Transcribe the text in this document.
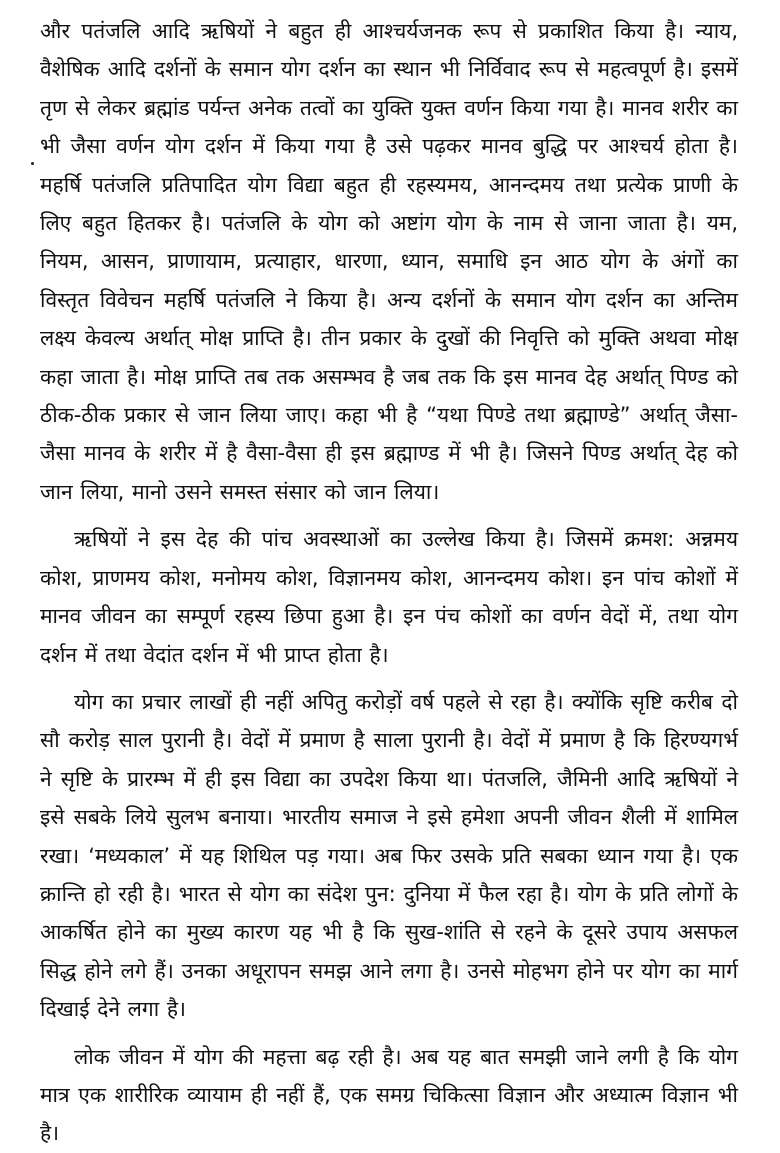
और पतंजलि आदि ऋषियों ने बहुत ही आश्चर्यजनक रूप से प्रकाशित किया है। न्याय, वैशेषिक आदि दर्शनों के समान योग दर्शन का स्थान भी निर्विवाद रूप से महत्वपूर्ण है। इसमें तृण से लेकर ब्रह्मांड पर्यन्त अनेक तत्वों का युक्ति युक्त वर्णन किया गया है। मानव शरीर का भी जैसा वर्णन योग दर्शन में किया गया है उसे पढ़कर मानव बुद्धि पर आश्चर्य होता है। महर्षि पतंजलि प्रतिपादित योग विद्या बहुत ही रहस्यमय, आनन्दमय तथा प्रत्येक प्राणी के लिए बहुत हितकर है। पतंजलि के योग को अष्टांग योग के नाम से जाना जाता है। यम, नियम, आसन, प्राणायाम, प्रत्याहार, धारणा, ध्यान, समाधि इन आठ योग के अंगों का विस्तृत विवेचन महर्षि पतंजलि ने किया है। अन्य दर्शनों के समान योग दर्शन का अन्तिम लक्ष्य केवल्य अर्थात् मोक्ष प्राप्ति है। तीन प्रकार के दुखों की निवृत्ति को मुक्ति अथवा मोक्ष कहा जाता है। मोक्ष प्राप्ति तब तक असम्भव है जब तक कि इस मानव देह अर्थात् पिण्ड को ठीक-ठीक प्रकार से जान लिया जाए। कहा भी है “यथा पिण्डे तथा ब्रह्माण्डे” अर्थात् जैसा-जैसा मानव के शरीर में है वैसा-वैसा ही इस ब्रह्माण्ड में भी है। जिसने पिण्ड अर्थात् देह को जान लिया, मानो उसने समस्त संसार को जान लिया।

ऋषियों ने इस देह की पांच अवस्थाओं का उल्लेख किया है। जिसमें क्रमश: अन्नमय कोश, प्राणमय कोश, मनोमय कोश, विज्ञानमय कोश, आनन्दमय कोश। इन पांच कोशों में मानव जीवन का सम्पूर्ण रहस्य छिपा हुआ है। इन पंच कोशों का वर्णन वेदों में, तथा योग दर्शन में तथा वेदांत दर्शन में भी प्राप्त होता है।

योग का प्रचार लाखों ही नहीं अपितु करोड़ों वर्ष पहले से रहा है। क्योंकि सृष्टि करीब दो सौ करोड़ साल पुरानी है। वेदों में प्रमाण है साला पुरानी है। वेदों में प्रमाण है कि हिरण्यगर्भ ने सृष्टि के प्रारम्भ में ही इस विद्या का उपदेश किया था। पंतजलि, जैमिनी आदि ऋषियों ने इसे सबके लिये सुलभ बनाया। भारतीय समाज ने इसे हमेशा अपनी जीवन शैली में शामिल रखा। ‘मध्यकाल’ में यह शिथिल पड़ गया। अब फिर उसके प्रति सबका ध्यान गया है। एक क्रान्ति हो रही है। भारत से योग का संदेश पुन: दुनिया में फैल रहा है। योग के प्रति लोगों के आकर्षित होने का मुख्य कारण यह भी है कि सुख-शांति से रहने के दूसरे उपाय असफल सिद्ध होने लगे हैं। उनका अधूरापन समझ आने लगा है। उनसे मोहभग होने पर योग का मार्ग दिखाई देने लगा है।

लोक जीवन में योग की महत्ता बढ़ रही है। अब यह बात समझी जाने लगी है कि योग मात्र एक शारीरिक व्यायाम ही नहीं हैं, एक समग्र चिकित्सा विज्ञान और अध्यात्म विज्ञान भी है।
